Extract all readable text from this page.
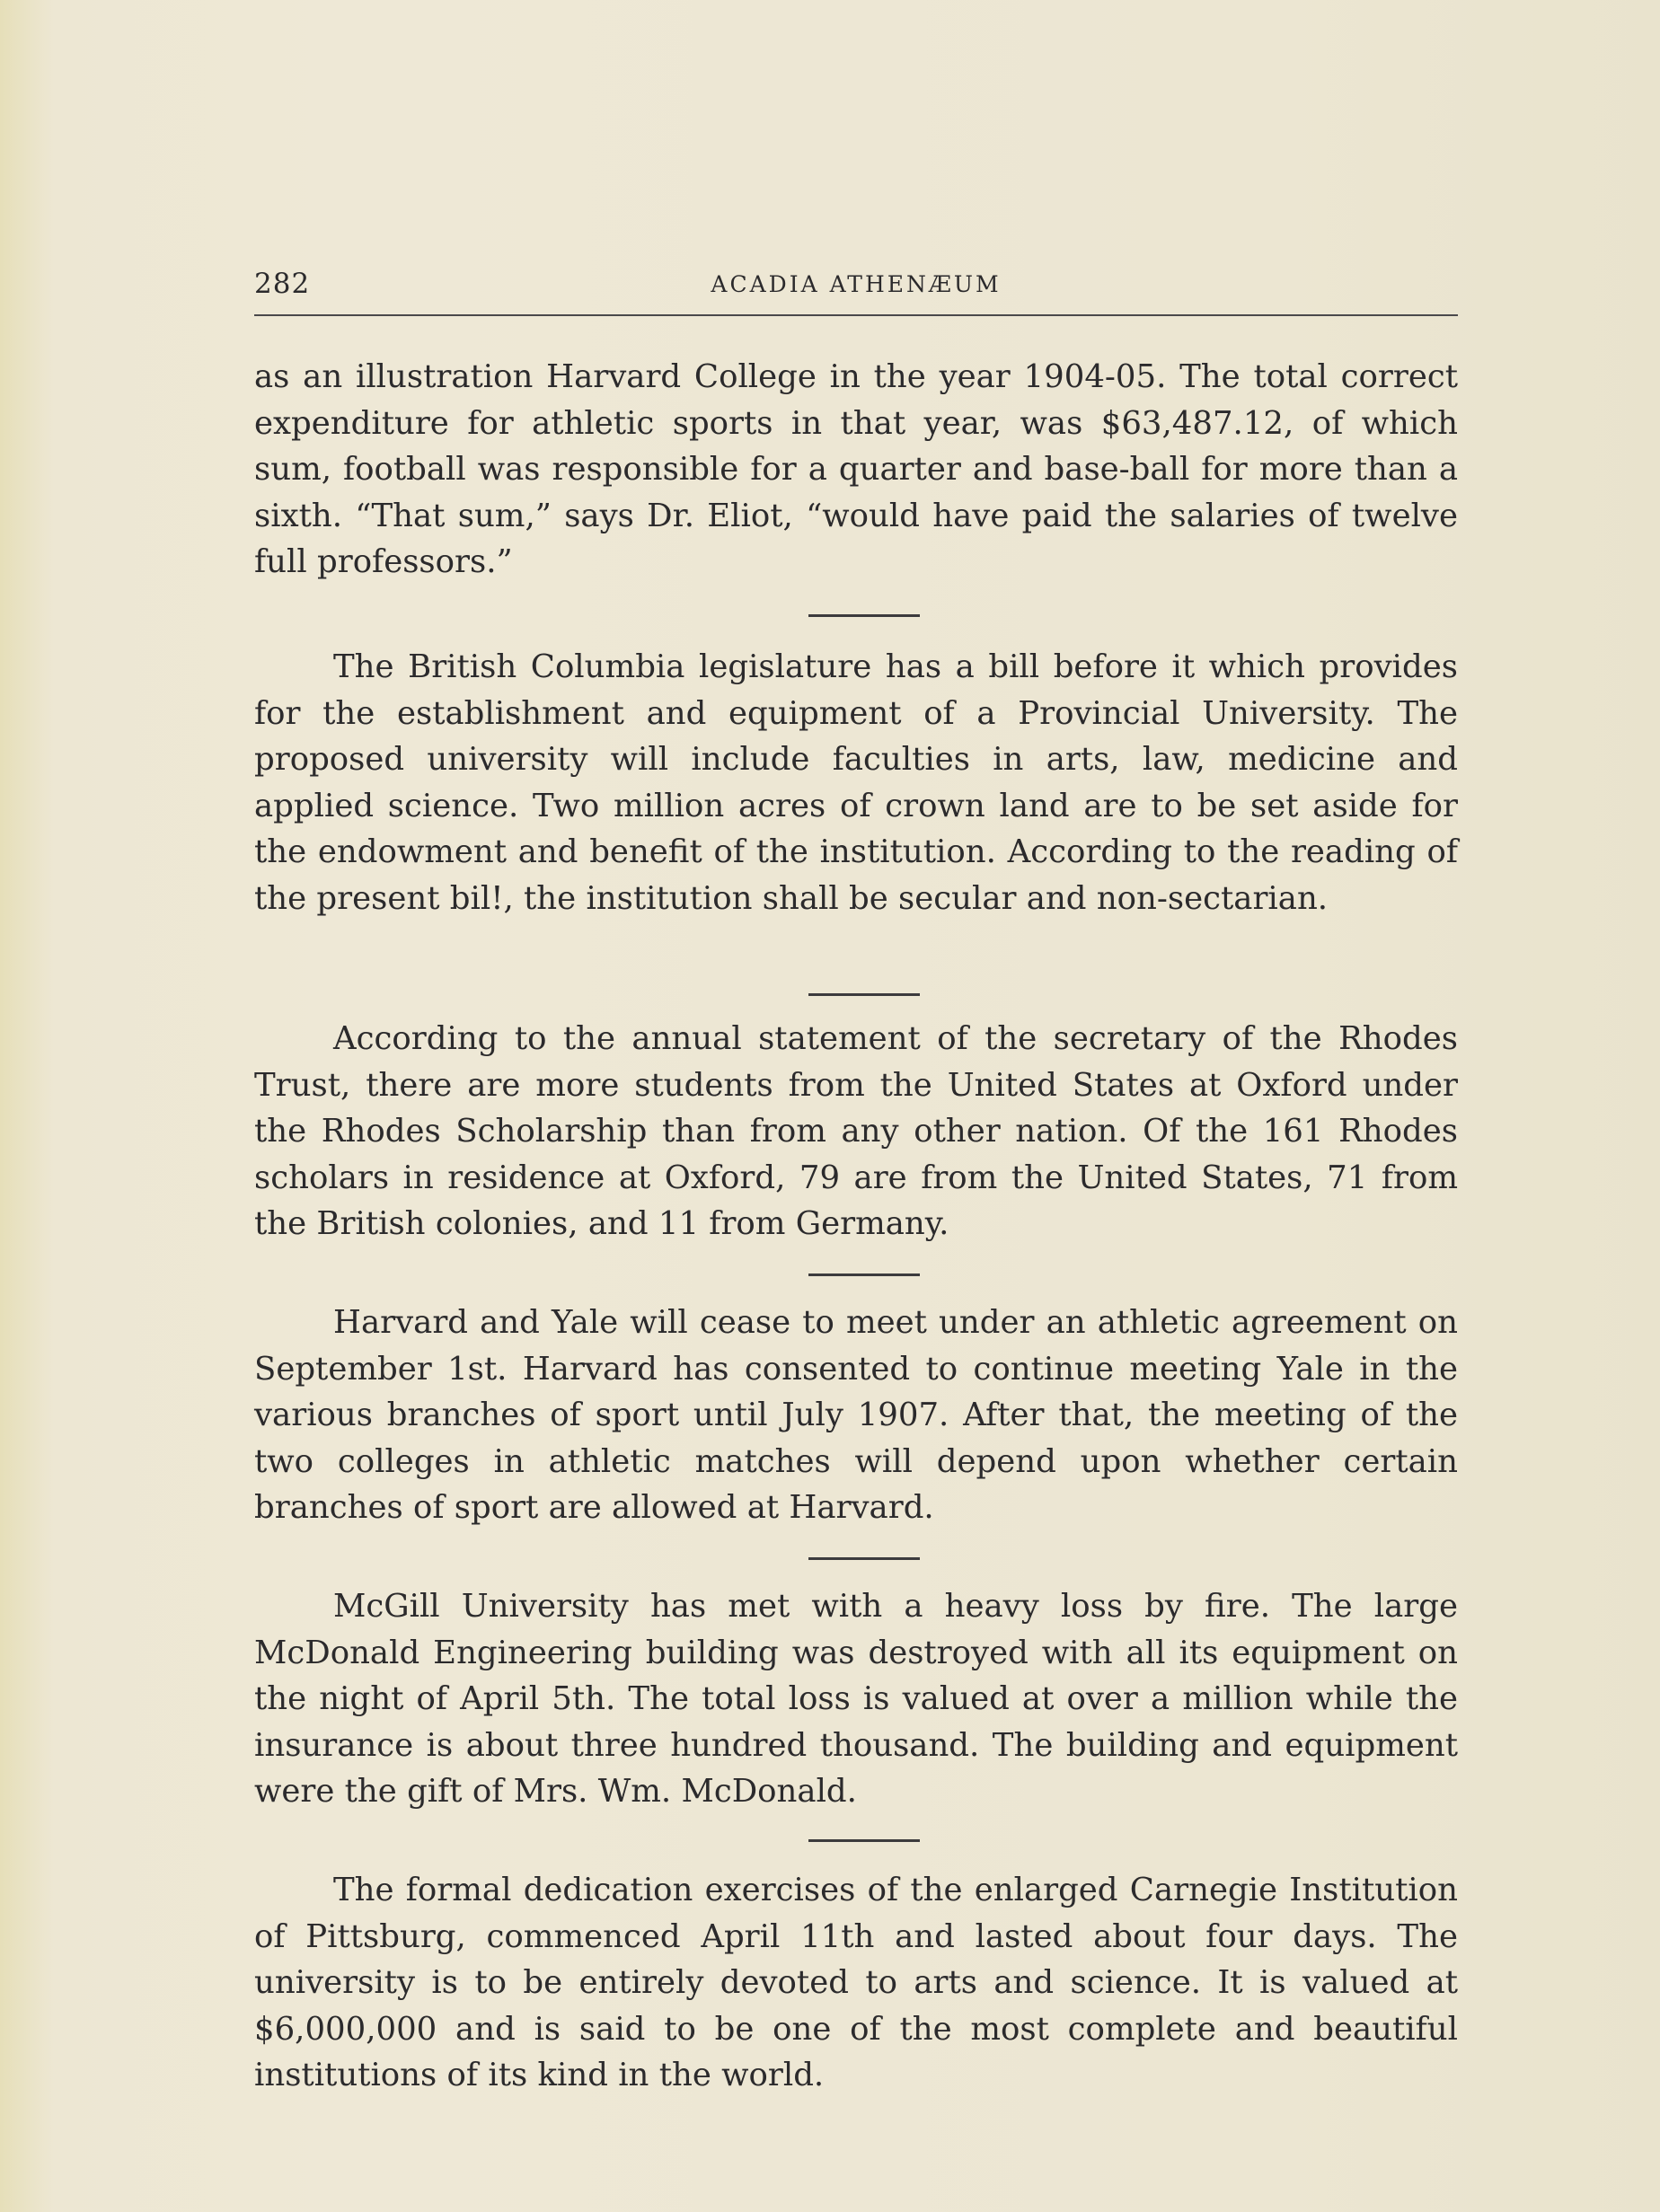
282	ACADIA ATHENÆUM

as an illustration Harvard College in the year 1904-05. The total correct expenditure for athletic sports in that year, was $63,487.12, of which sum, football was responsible for a quarter and base-ball for more than a sixth. “That sum,” says Dr. Eliot, “would have paid the salaries of twelve full professors.”

The British Columbia legislature has a bill before it which provides for the establishment and equipment of a Provincial University. The proposed university will include faculties in arts, law, medicine and applied science. Two million acres of crown land are to be set aside for the endowment and benefit of the institution. According to the reading of the present bil!, the institution shall be secular and non-sectarian.

According to the annual statement of the secretary of the Rhodes Trust, there are more students from the United States at Oxford under the Rhodes Scholarship than from any other nation. Of the 161 Rhodes scholars in residence at Oxford, 79 are from the United States, 71 from the British colonies, and 11 from Germany.

Harvard and Yale will cease to meet under an athletic agreement on September 1st. Harvard has consented to continue meeting Yale in the various branches of sport until July 1907. After that, the meeting of the two colleges in athletic matches will depend upon whether certain branches of sport are allowed at Harvard.

McGill University has met with a heavy loss by fire. The large McDonald Engineering building was destroyed with all its equipment on the night of April 5th. The total loss is valued at over a million while the insurance is about three hundred thousand. The building and equipment were the gift of Mrs. Wm. McDonald.

The formal dedication exercises of the enlarged Carnegie Institution of Pittsburg, commenced April 11th and lasted about four days. The university is to be entirely devoted to arts and science. It is valued at $6,000,000 and is said to be one of the most complete and beautiful institutions of its kind in the world.
